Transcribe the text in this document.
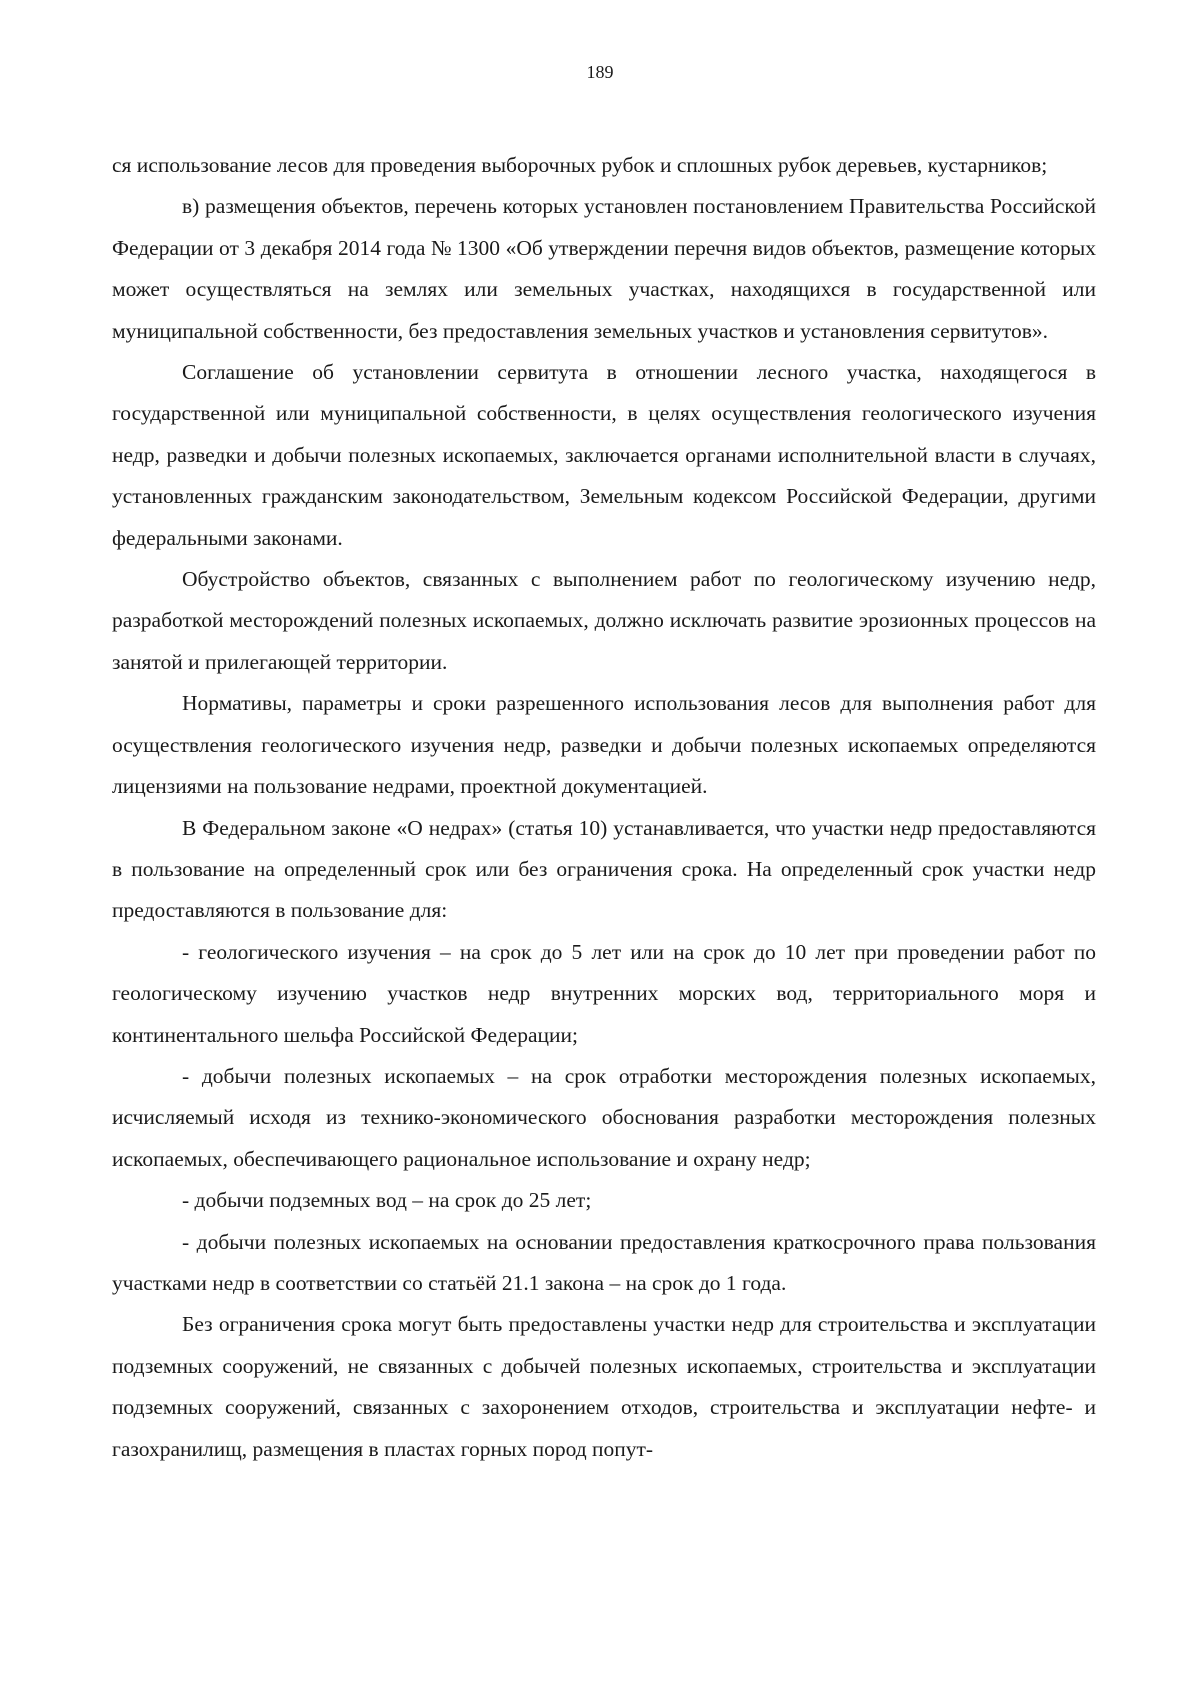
189

ся использование лесов для проведения выборочных рубок и сплошных рубок деревьев, кустарников;

в) размещения объектов, перечень которых установлен постановлением Правительства Российской Федерации от 3 декабря 2014 года № 1300 «Об утверждении перечня видов объектов, размещение которых может осуществляться на землях или земельных участках, находящихся в государственной или муниципальной собственности, без предоставления земельных участков и установления сервитутов».

Соглашение об установлении сервитута в отношении лесного участка, находящегося в государственной или муниципальной собственности, в целях осуществления геологического изучения недр, разведки и добычи полезных ископаемых, заключается органами исполнительной власти в случаях, установленных гражданским законодательством, Земельным кодексом Российской Федерации, другими федеральными законами.

Обустройство объектов, связанных с выполнением работ по геологическому изучению недр, разработкой месторождений полезных ископаемых, должно исключать развитие эрозионных процессов на занятой и прилегающей территории.

Нормативы, параметры и сроки разрешенного использования лесов для выполнения работ для осуществления геологического изучения недр, разведки и добычи полезных ископаемых определяются лицензиями на пользование недрами, проектной документацией.

В Федеральном законе «О недрах» (статья 10) устанавливается, что участки недр предоставляются в пользование на определенный срок или без ограничения срока. На определенный срок участки недр предоставляются в пользование для:

- геологического изучения – на срок до 5 лет или на срок до 10 лет при проведении работ по геологическому изучению участков недр внутренних морских вод, территориального моря и континентального шельфа Российской Федерации;

- добычи полезных ископаемых – на срок отработки месторождения полезных ископаемых, исчисляемый исходя из технико-экономического обоснования разработки месторождения полезных ископаемых, обеспечивающего рациональное использование и охрану недр;

- добычи подземных вод – на срок до 25 лет;

- добычи полезных ископаемых на основании предоставления краткосрочного права пользования участками недр в соответствии со статьёй 21.1 закона – на срок до 1 года.

Без ограничения срока могут быть предоставлены участки недр для строительства и эксплуатации подземных сооружений, не связанных с добычей полезных ископаемых, строительства и эксплуатации подземных сооружений, связанных с захоронением отходов, строительства и эксплуатации нефте- и газохранилищ, размещения в пластах горных пород попут-
